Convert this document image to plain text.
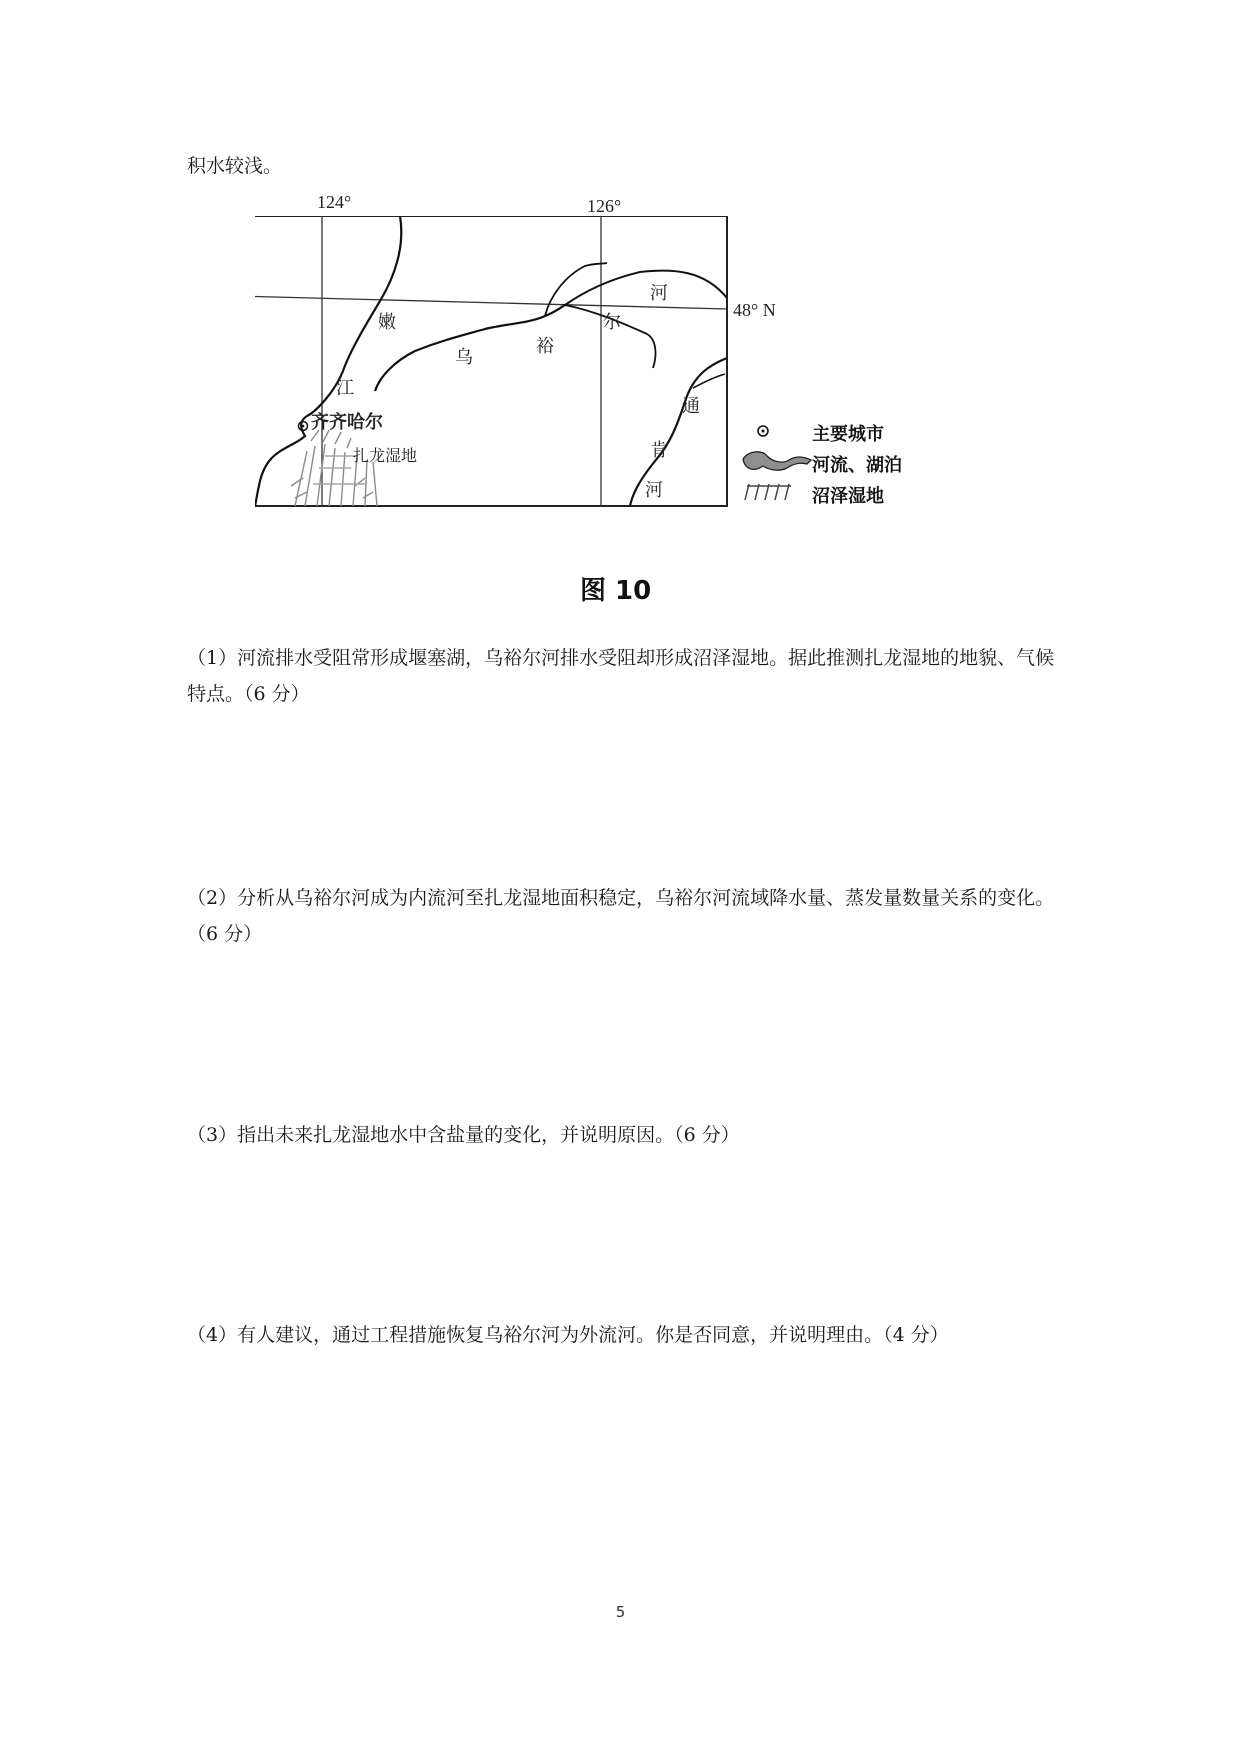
积水较浅。
124°	126°
48° N
嫩
江
乌
裕
尔
河
通
肯
河
齐齐哈尔
扎龙湿地
主要城市
河流、湖泊
沼泽湿地
图 10
（1）河流排水受阻常形成堰塞湖，乌裕尔河排水受阻却形成沼泽湿地。据此推测扎龙湿地的地貌、气候特点。（6 分）
（2）分析从乌裕尔河成为内流河至扎龙湿地面积稳定，乌裕尔河流域降水量、蒸发量数量关系的变化。（6 分）
（3）指出未来扎龙湿地水中含盐量的变化，并说明原因。（6 分）
（4）有人建议，通过工程措施恢复乌裕尔河为外流河。你是否同意，并说明理由。（4 分）
5
